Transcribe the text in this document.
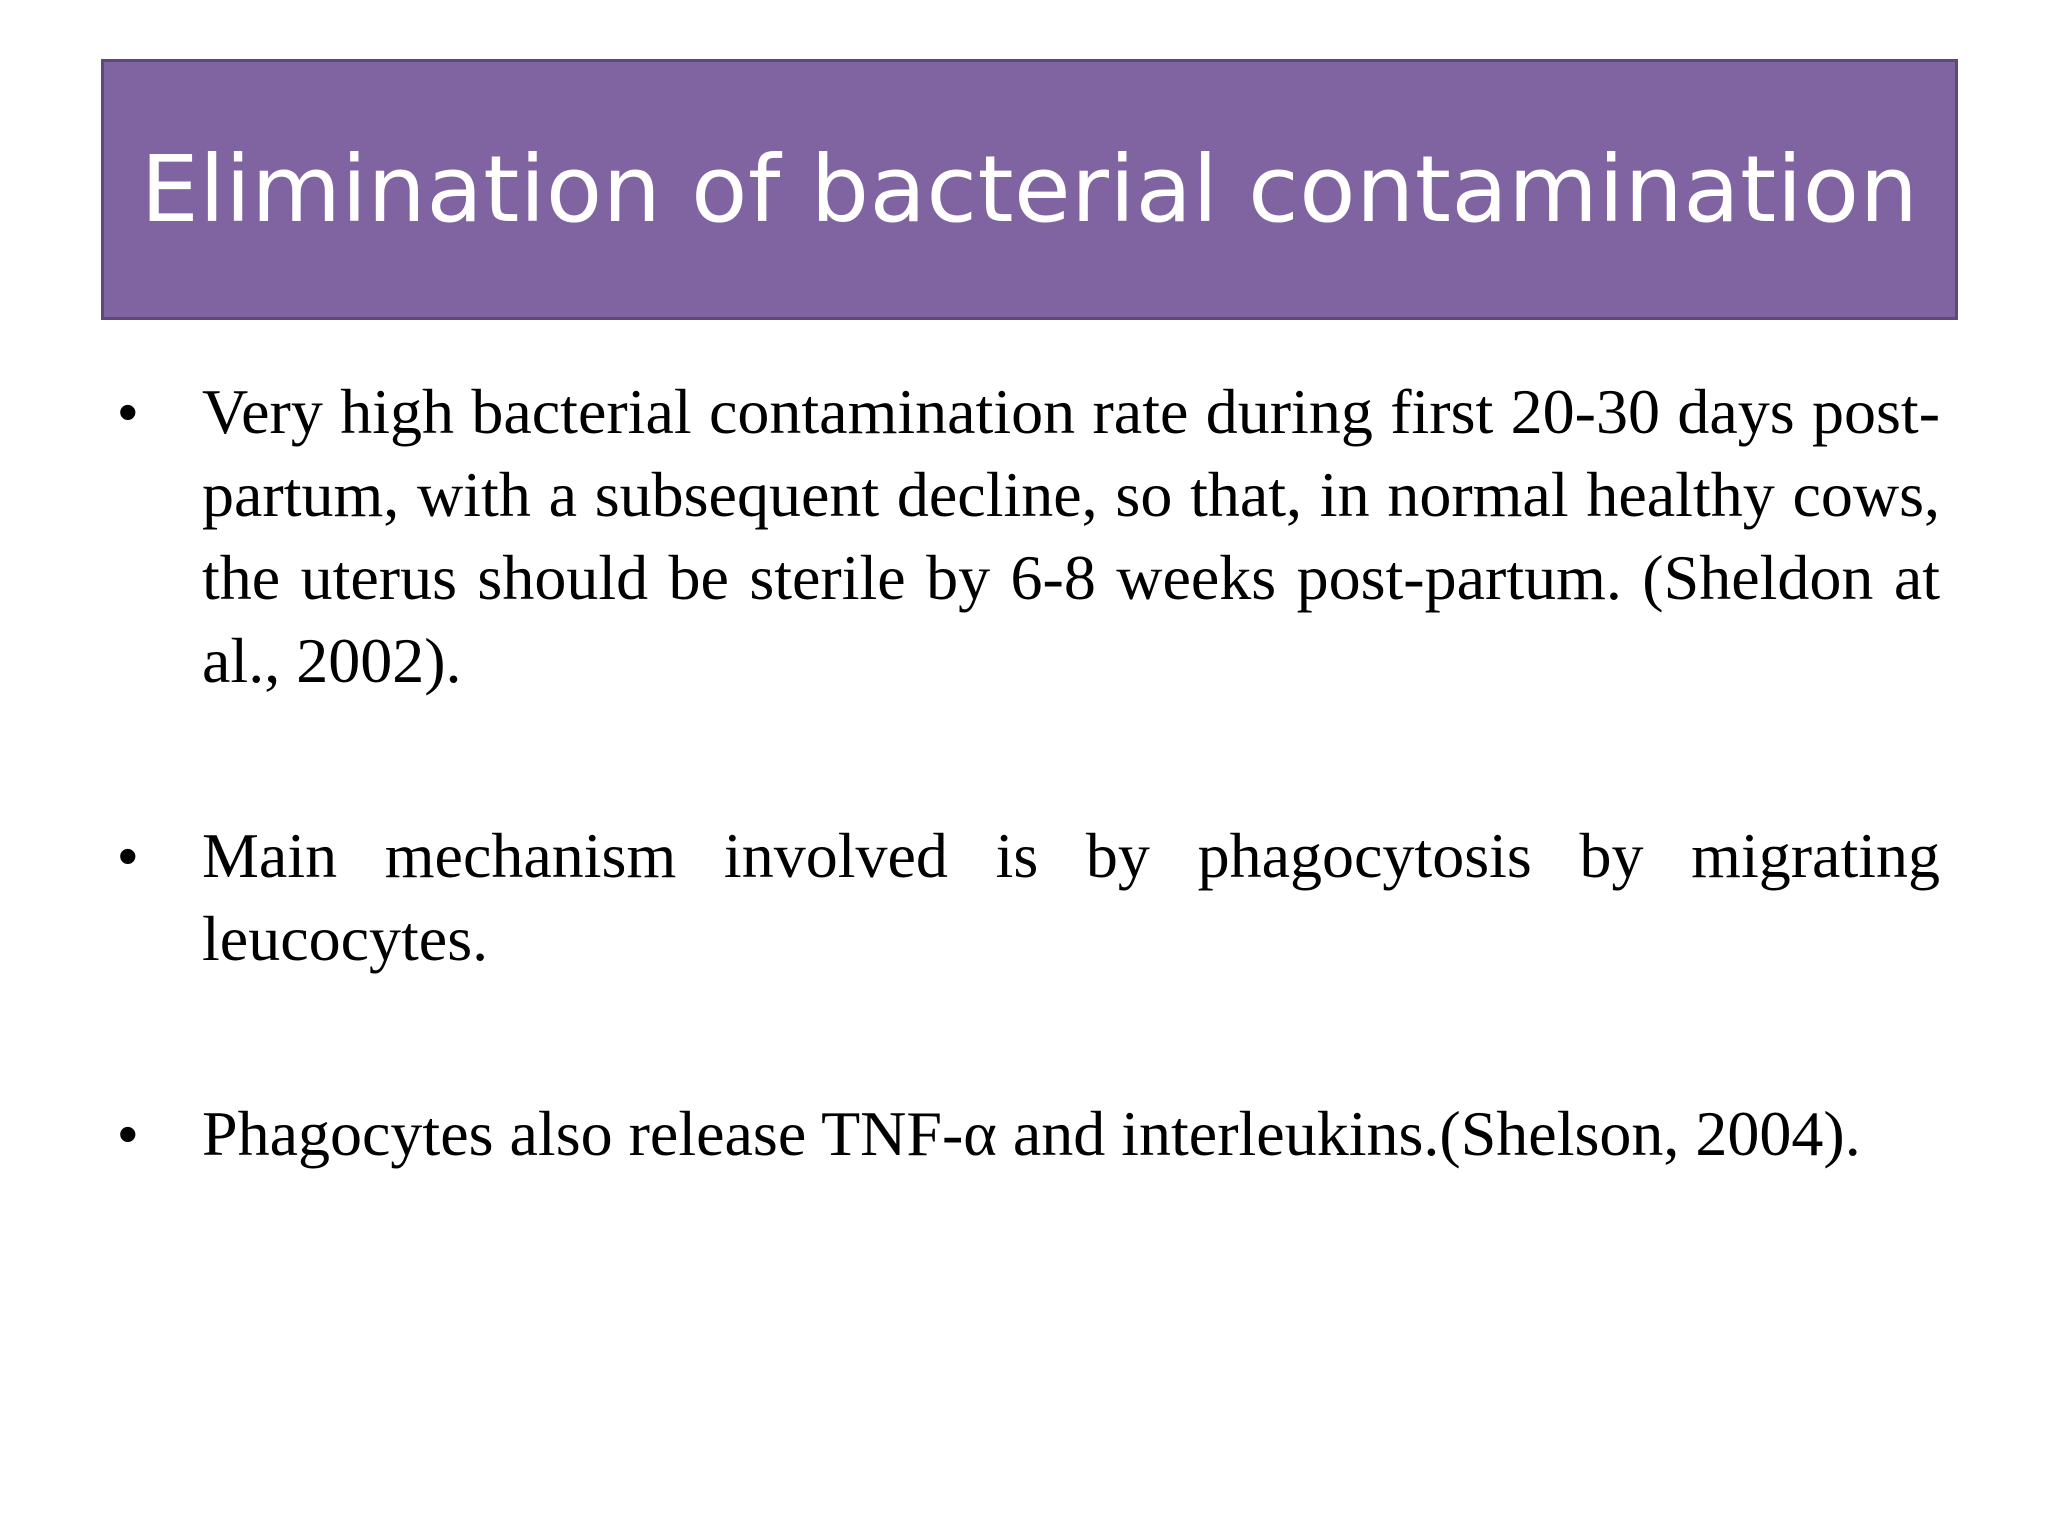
Elimination of bacterial contamination
• Very high bacterial contamination rate during first 20-30 days post-partum, with a subsequent decline, so that, in normal healthy cows, the uterus should be sterile by 6-8 weeks post-partum. (Sheldon at al., 2002).
• Main mechanism involved is by phagocytosis by migrating leucocytes.
• Phagocytes also release TNF-α and interleukins.(Shelson, 2004).
